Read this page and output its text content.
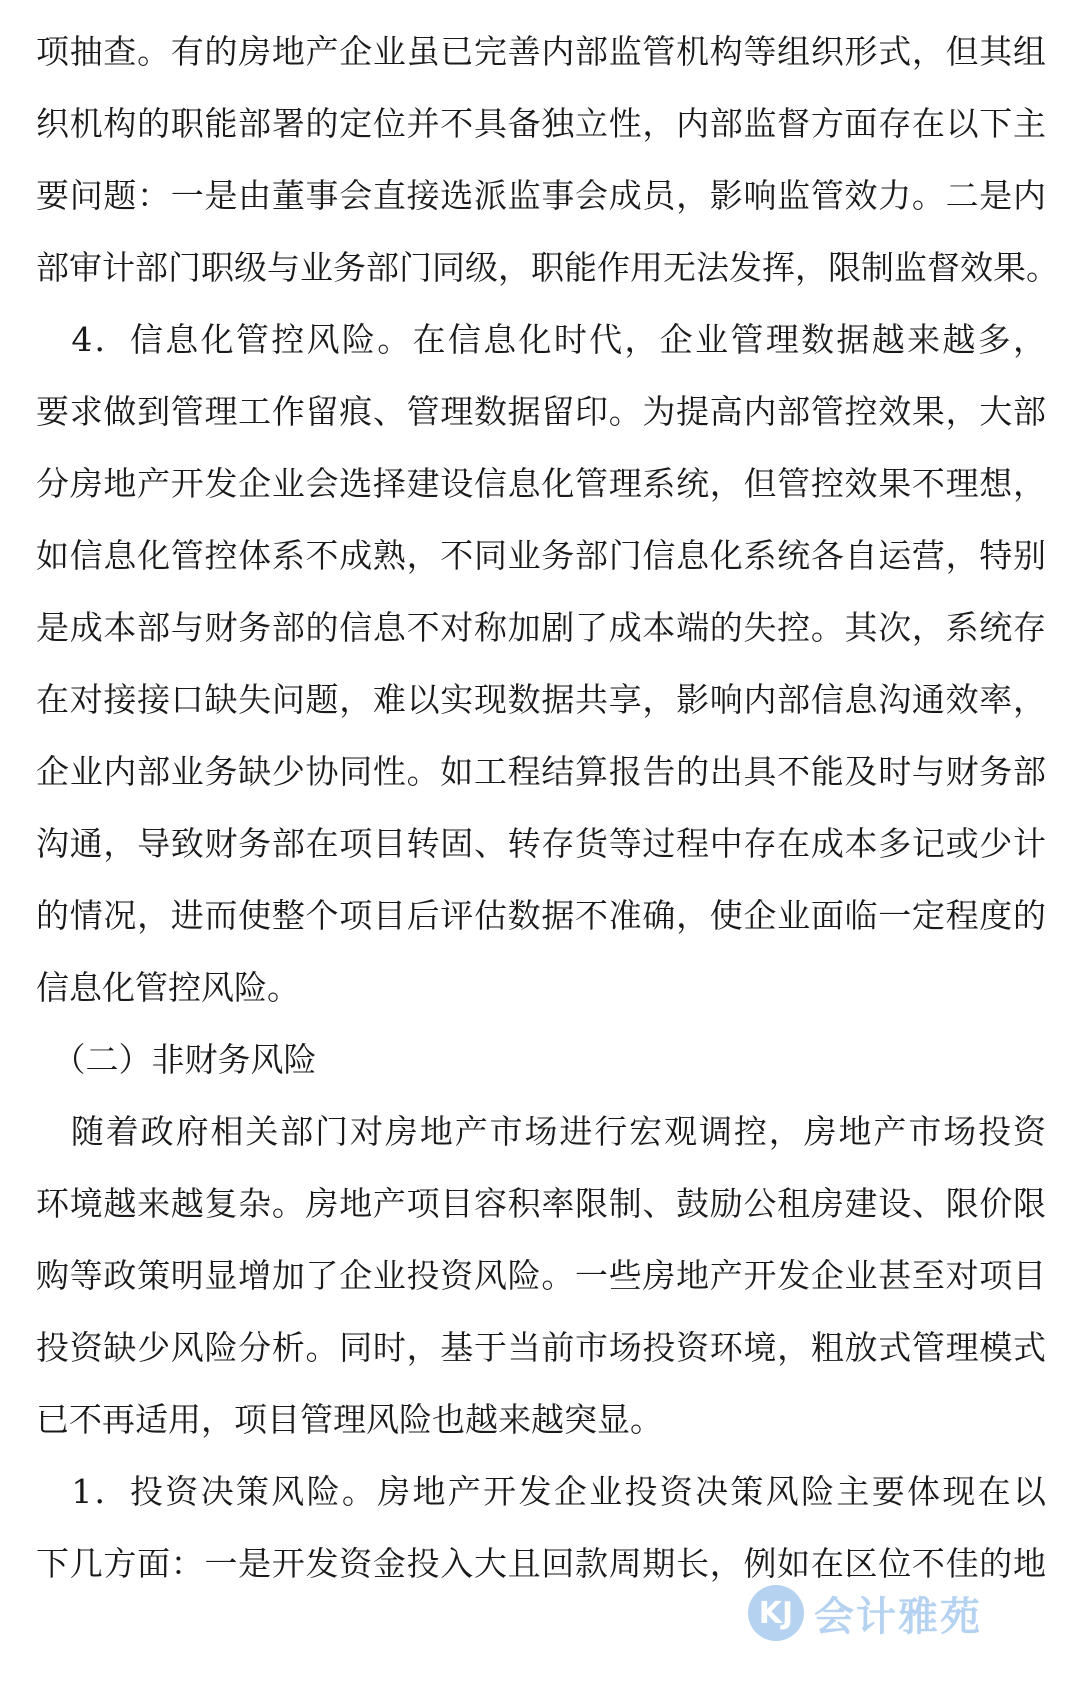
项抽查。有的房地产企业虽已完善内部监管机构等组织形式，但其组
织机构的职能部署的定位并不具备独立性，内部监督方面存在以下主
要问题：一是由董事会直接选派监事会成员，影响监管效力。二是内
部审计部门职级与业务部门同级，职能作用无法发挥，限制监督效果。
　4．信息化管控风险。在信息化时代，企业管理数据越来越多，
要求做到管理工作留痕、管理数据留印。为提高内部管控效果，大部
分房地产开发企业会选择建设信息化管理系统，但管控效果不理想，
如信息化管控体系不成熟，不同业务部门信息化系统各自运营，特别
是成本部与财务部的信息不对称加剧了成本端的失控。其次，系统存
在对接接口缺失问题，难以实现数据共享，影响内部信息沟通效率，
企业内部业务缺少协同性。如工程结算报告的出具不能及时与财务部
沟通，导致财务部在项目转固、转存货等过程中存在成本多记或少计
的情况，进而使整个项目后评估数据不准确，使企业面临一定程度的
信息化管控风险。
　（二）非财务风险
　随着政府相关部门对房地产市场进行宏观调控，房地产市场投资
环境越来越复杂。房地产项目容积率限制、鼓励公租房建设、限价限
购等政策明显增加了企业投资风险。一些房地产开发企业甚至对项目
投资缺少风险分析。同时，基于当前市场投资环境，粗放式管理模式
已不再适用，项目管理风险也越来越突显。
　1．投资决策风险。房地产开发企业投资决策风险主要体现在以
下几方面：一是开发资金投入大且回款周期长，例如在区位不佳的地
KJ 会计雅苑
